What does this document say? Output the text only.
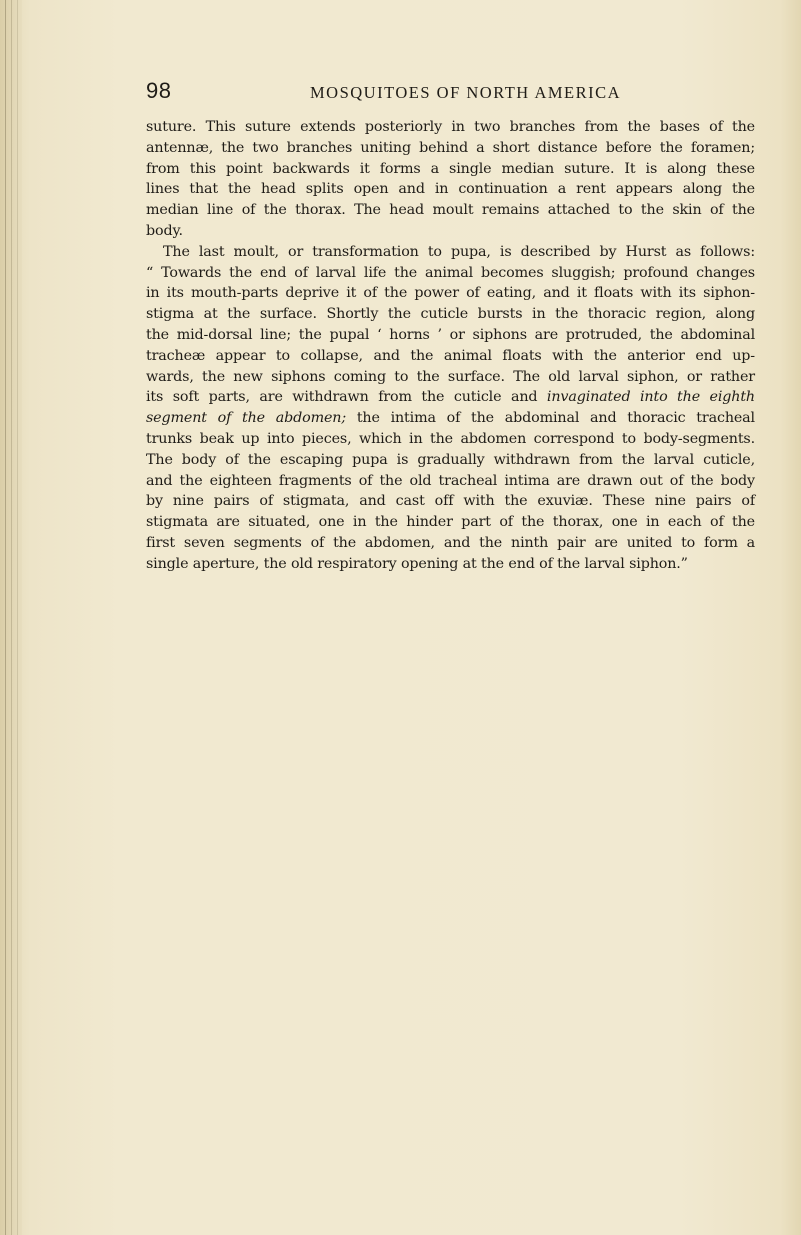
98	MOSQUITOES OF NORTH AMERICA
suture. This suture extends posteriorly in two branches from the bases of the
antennæ, the two branches uniting behind a short distance before the foramen;
from this point backwards it forms a single median suture. It is along these
lines that the head splits open and in continuation a rent appears along the
median line of the thorax. The head moult remains attached to the skin of the
body.
The last moult, or transformation to pupa, is described by Hurst as follows:
“ Towards the end of larval life the animal becomes sluggish; profound changes
in its mouth-parts deprive it of the power of eating, and it floats with its siphon-
stigma at the surface. Shortly the cuticle bursts in the thoracic region, along
the mid-dorsal line; the pupal ‘ horns ’ or siphons are protruded, the abdominal
tracheæ appear to collapse, and the animal floats with the anterior end up-
wards, the new siphons coming to the surface. The old larval siphon, or rather
its soft parts, are withdrawn from the cuticle and invaginated into the eighth
segment of the abdomen; the intima of the abdominal and thoracic tracheal
trunks beak up into pieces, which in the abdomen correspond to body-segments.
The body of the escaping pupa is gradually withdrawn from the larval cuticle,
and the eighteen fragments of the old tracheal intima are drawn out of the body
by nine pairs of stigmata, and cast off with the exuviæ. These nine pairs of
stigmata are situated, one in the hinder part of the thorax, one in each of the
first seven segments of the abdomen, and the ninth pair are united to form a
single aperture, the old respiratory opening at the end of the larval siphon.”
